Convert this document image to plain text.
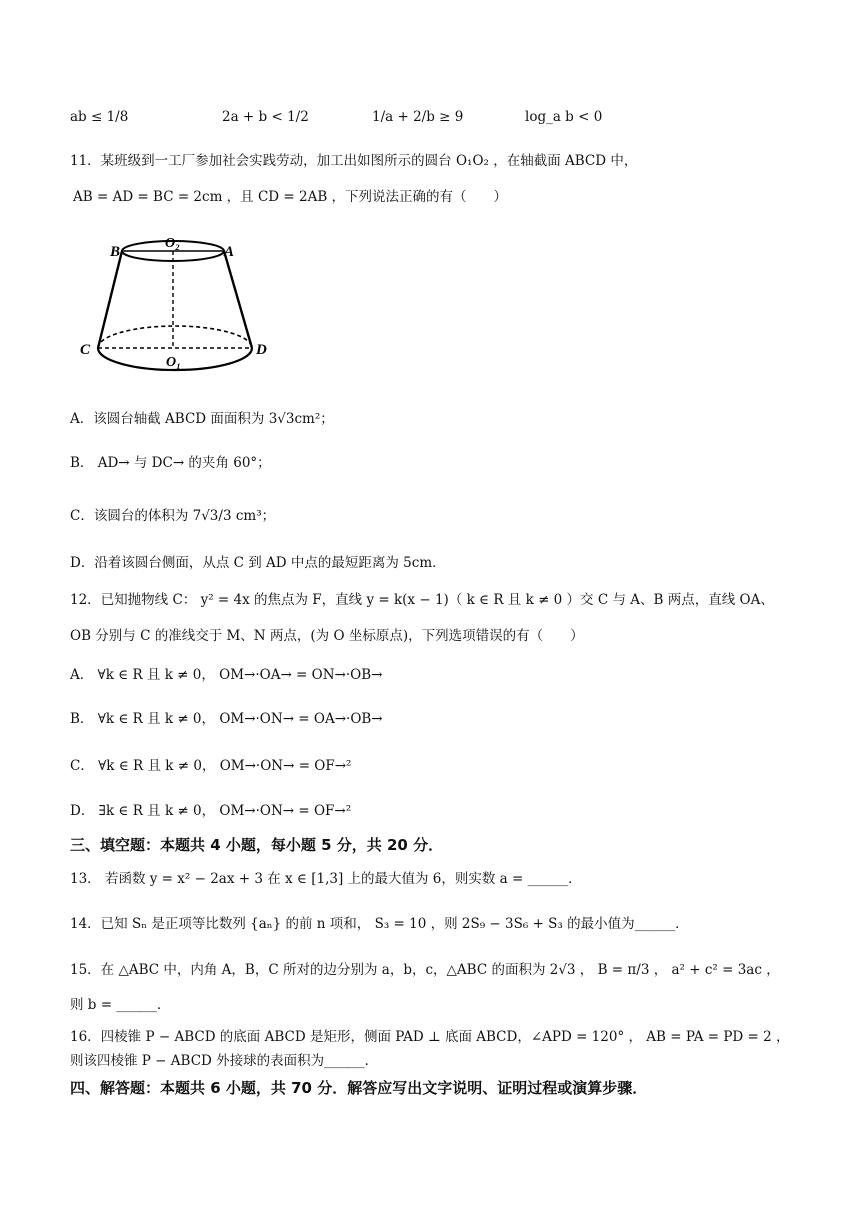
ab ≤ 1/8	2a + b < 1/2	1/a + 2/b ≥ 9	log_a b < 0
11．某班级到一工厂参加社会实践劳动，加工出如图所示的圆台 O₁O₂ ，在轴截面 ABCD 中，
AB = AD = BC = 2cm ，且 CD = 2AB ，下列说法正确的有（　　）
B
O₂
A
C
O₁
D
A．该圆台轴截 ABCD 面面积为 3√3cm²；
B． AD→ 与 DC→ 的夹角 60°；
C．该圆台的体积为 7√3/3 cm³；
D．沿着该圆台侧面，从点 C 到 AD 中点的最短距离为 5cm．
12．已知抛物线 C： y² = 4x 的焦点为 F，直线 y = k(x − 1)（ k ∈ R 且 k ≠ 0 ）交 C 与 A、B 两点，直线 OA、
OB 分别与 C 的准线交于 M、N 两点，(为 O 坐标原点)，下列选项错误的有（　　）
A． ∀k ∈ R 且 k ≠ 0， OM→·OA→ = ON→·OB→
B． ∀k ∈ R 且 k ≠ 0， OM→·ON→ = OA→·OB→
C． ∀k ∈ R 且 k ≠ 0， OM→·ON→ = OF→²
D． ∃k ∈ R 且 k ≠ 0， OM→·ON→ = OF→²
三、填空题：本题共 4 小题，每小题 5 分，共 20 分．
13． 若函数 y = x² − 2ax + 3 在 x ∈ [1,3] 上的最大值为 6，则实数 a = ______．
14．已知 Sₙ 是正项等比数列 {aₙ} 的前 n 项和， S₃ = 10 ，则 2S₉ − 3S₆ + S₃ 的最小值为______．
15．在 △ABC 中，内角 A，B，C 所对的边分别为 a，b，c，△ABC 的面积为 2√3 ， B = π/3 ， a² + c² = 3ac ，
则 b = ______．
16．四棱锥 P − ABCD 的底面 ABCD 是矩形，侧面 PAD ⊥ 底面 ABCD，∠APD = 120° ， AB = PA = PD = 2 ，
则该四棱锥 P − ABCD 外接球的表面积为______．
四、解答题：本题共 6 小题，共 70 分．解答应写出文字说明、证明过程或演算步骤．
